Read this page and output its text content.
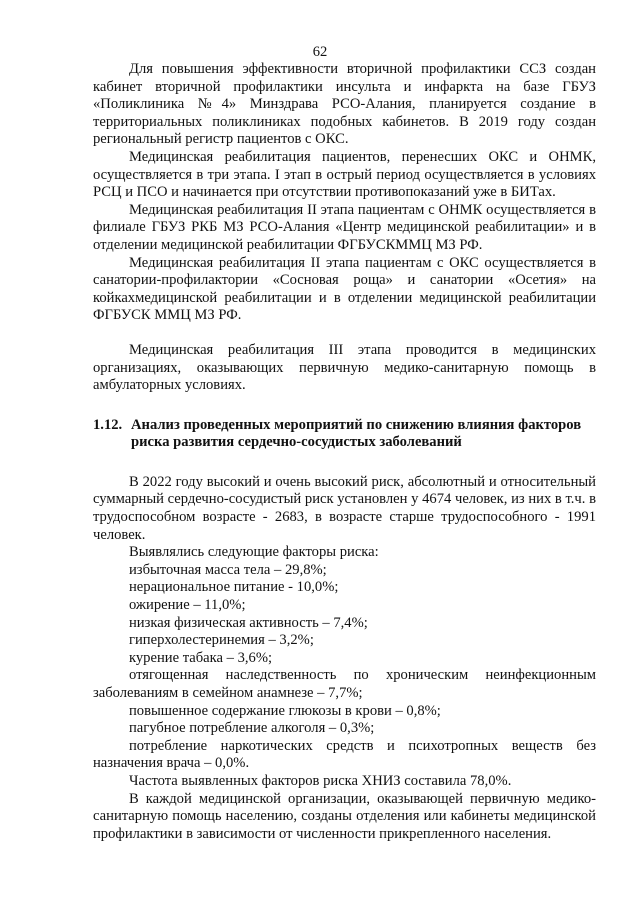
62

Для повышения эффективности вторичной профилактики ССЗ создан кабинет вторичной профилактики инсульта и инфаркта на базе ГБУЗ «Поликлиника №4» Минздрава РСО-Алания, планируется создание в территориальных поликлиниках подобных кабинетов. В 2019 году создан региональный регистр пациентов с ОКС.

Медицинская реабилитация пациентов, перенесших ОКС и ОНМК, осуществляется в три этапа. I этап в острый период осуществляется в условиях РСЦ и ПСО и начинается при отсутствии противопоказаний уже в БИТах.

Медицинская реабилитация II этапа пациентам с ОНМК осуществляется в филиале ГБУЗ РКБ МЗ РСО-Алания «Центр медицинской реабилитации» и в отделении медицинской реабилитации ФГБУСКММЦ МЗ РФ.

Медицинская реабилитация II этапа пациентам с ОКС осуществляется в санатории-профилактории «Сосновая роща» и санатории «Осетия» на койкахмедицинской реабилитации и в отделении медицинской реабилитации ФГБУСК ММЦ МЗ РФ.

Медицинская реабилитация III этапа проводится в медицинских организациях, оказывающих первичную медико-санитарную помощь в амбулаторных условиях.

1.12. Анализ проведенных мероприятий по снижению влияния факторов риска развития сердечно-сосудистых заболеваний

В 2022 году высокий и очень высокий риск, абсолютный и относительный суммарный сердечно-сосудистый риск установлен у 4674 человек, из них в т.ч. в трудоспособном возрасте - 2683, в возрасте старше трудоспособного - 1991 человек.

Выявлялись следующие факторы риска:

избыточная масса тела – 29,8%;

нерациональное питание - 10,0%;

ожирение – 11,0%;

низкая физическая активность – 7,4%;

гиперхолестеринемия – 3,2%;

курение табака – 3,6%;

отягощенная наследственность по хроническим неинфекционным заболеваниям в семейном анамнезе – 7,7%;

повышенное содержание глюкозы в крови – 0,8%;

пагубное потребление алкоголя – 0,3%;

потребление наркотических средств и психотропных веществ без назначения врача – 0,0%.

Частота выявленных факторов риска ХНИЗ составила 78,0%.

В каждой медицинской организации, оказывающей первичную медико-санитарную помощь населению, созданы отделения или кабинеты медицинской профилактики в зависимости от численности прикрепленного населения.
